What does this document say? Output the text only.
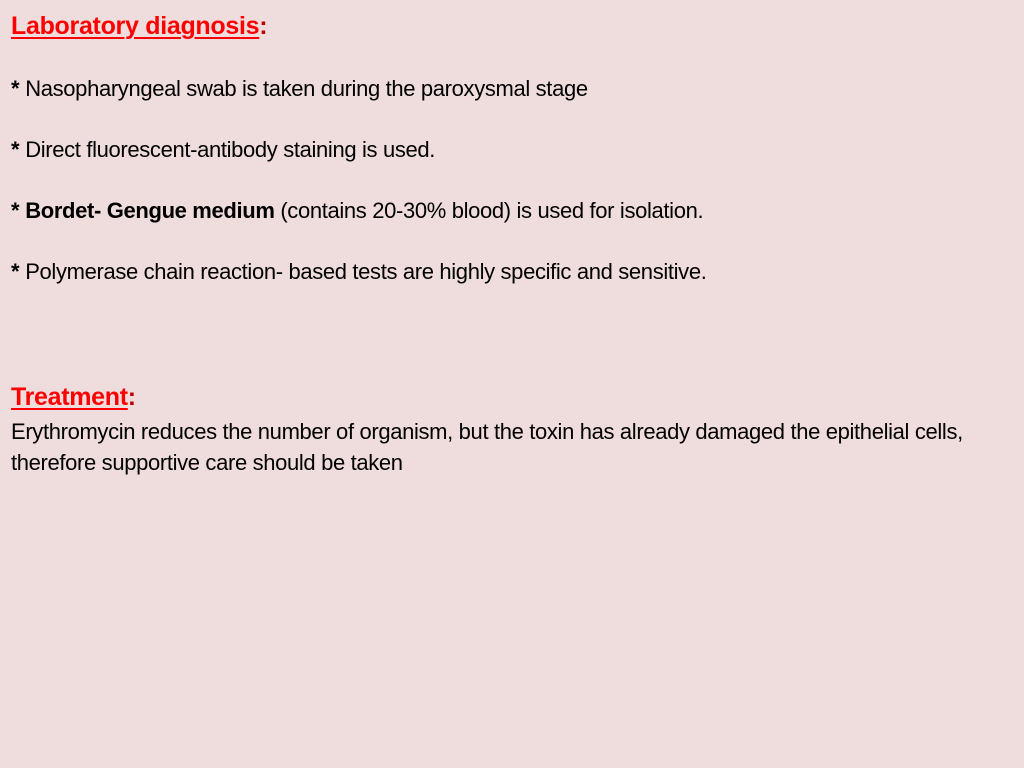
Laboratory diagnosis:
* Nasopharyngeal swab is taken during the paroxysmal stage
* Direct fluorescent-antibody staining is used.
* Bordet- Gengue medium (contains 20-30% blood) is used for isolation.
* Polymerase chain reaction- based tests are highly specific and sensitive.
Treatment:
Erythromycin reduces the number of organism, but the toxin has already damaged the epithelial cells, therefore supportive care should be taken
